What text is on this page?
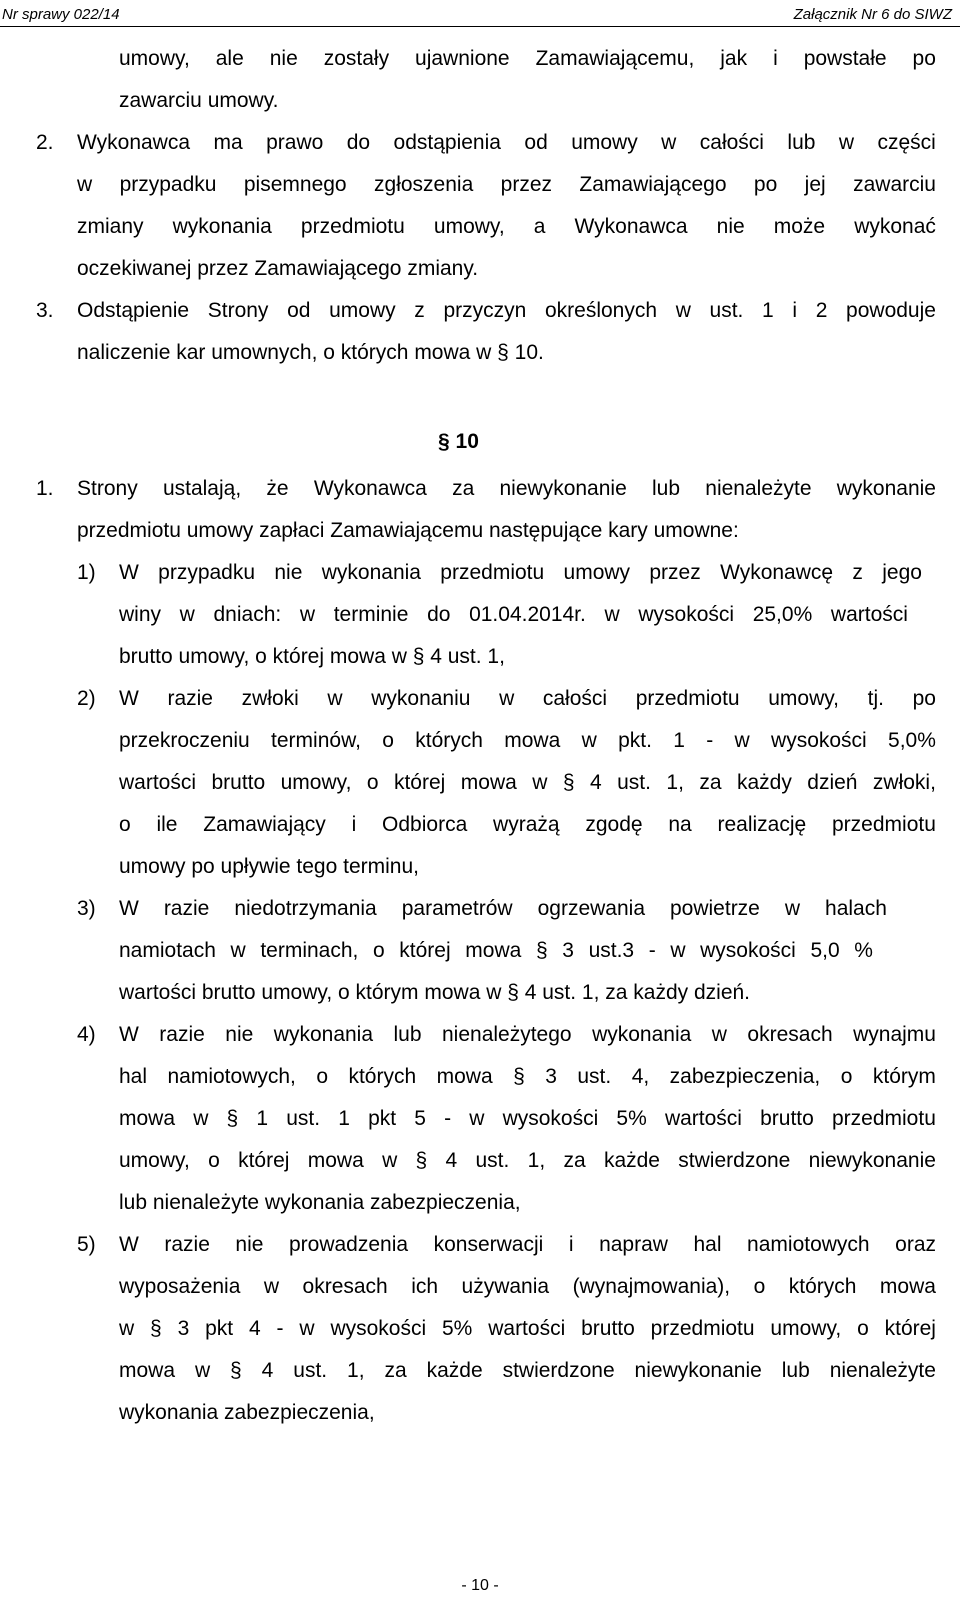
Nr sprawy 022/14	Załącznik Nr 6 do SIWZ
umowy, ale nie zostały ujawnione Zamawiającemu, jak i powstałe po
zawarciu umowy.
2. Wykonawca ma prawo do odstąpienia od umowy w całości lub w części
w przypadku pisemnego zgłoszenia przez Zamawiającego po jej zawarciu
zmiany wykonania przedmiotu umowy, a Wykonawca nie może wykonać
oczekiwanej przez Zamawiającego zmiany.
3. Odstąpienie Strony od umowy z przyczyn określonych w ust. 1 i 2 powoduje
naliczenie kar umownych, o których mowa w § 10.
§ 10
1. Strony ustalają, że Wykonawca za niewykonanie lub nienależyte wykonanie
przedmiotu umowy zapłaci Zamawiającemu następujące kary umowne:
1) W przypadku nie wykonania przedmiotu umowy przez Wykonawcę z jego
winy w dniach: w terminie do 01.04.2014r. w wysokości 25,0% wartości
brutto umowy, o której mowa w § 4 ust. 1,
2) W razie zwłoki w wykonaniu w całości przedmiotu umowy, tj. po
przekroczeniu terminów, o których mowa w pkt. 1 - w wysokości 5,0%
wartości brutto umowy, o której mowa w § 4 ust. 1, za każdy dzień zwłoki,
o ile Zamawiający i Odbiorca wyrażą zgodę na realizację przedmiotu
umowy po upływie tego terminu,
3) W razie niedotrzymania parametrów ogrzewania powietrze w halach
namiotach w terminach, o której mowa § 3 ust.3 - w wysokości 5,0 %
wartości brutto umowy, o którym mowa w § 4 ust. 1, za każdy dzień.
4) W razie nie wykonania lub nienależytego wykonania w okresach wynajmu
hal namiotowych, o których mowa § 3 ust. 4, zabezpieczenia, o którym
mowa w § 1 ust. 1 pkt 5 - w wysokości 5% wartości brutto przedmiotu
umowy, o której mowa w § 4 ust. 1, za każde stwierdzone niewykonanie
lub nienależyte wykonania zabezpieczenia,
5) W razie nie prowadzenia konserwacji i napraw hal namiotowych oraz
wyposażenia w okresach ich używania (wynajmowania), o których mowa
w § 3 pkt 4 - w wysokości 5% wartości brutto przedmiotu umowy, o której
mowa w § 4 ust. 1, za każde stwierdzone niewykonanie lub nienależyte
wykonania zabezpieczenia,
- 10 -
